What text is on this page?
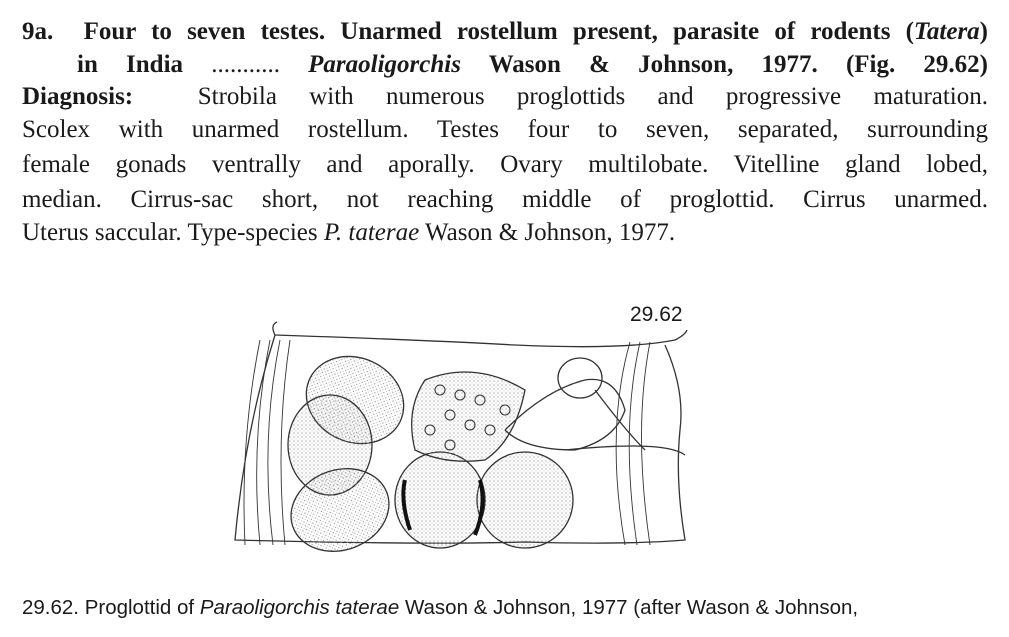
9a. Four to seven testes. Unarmed rostellum present, parasite of rodents (Tatera)
in India ........... Paraoligorchis Wason & Johnson, 1977. (Fig. 29.62)
Diagnosis:	Strobila with numerous proglottids and progressive maturation.
Scolex with unarmed rostellum. Testes four to seven, separated, surrounding
female gonads ventrally and aporally. Ovary multilobate. Vitelline gland lobed,
median. Cirrus-sac short, not reaching middle of proglottid. Cirrus unarmed.
Uterus saccular. Type-species P. taterae Wason & Johnson, 1977.
29.62
29.62. Proglottid of Paraoligorchis taterae Wason & Johnson, 1977 (after Wason & Johnson,
